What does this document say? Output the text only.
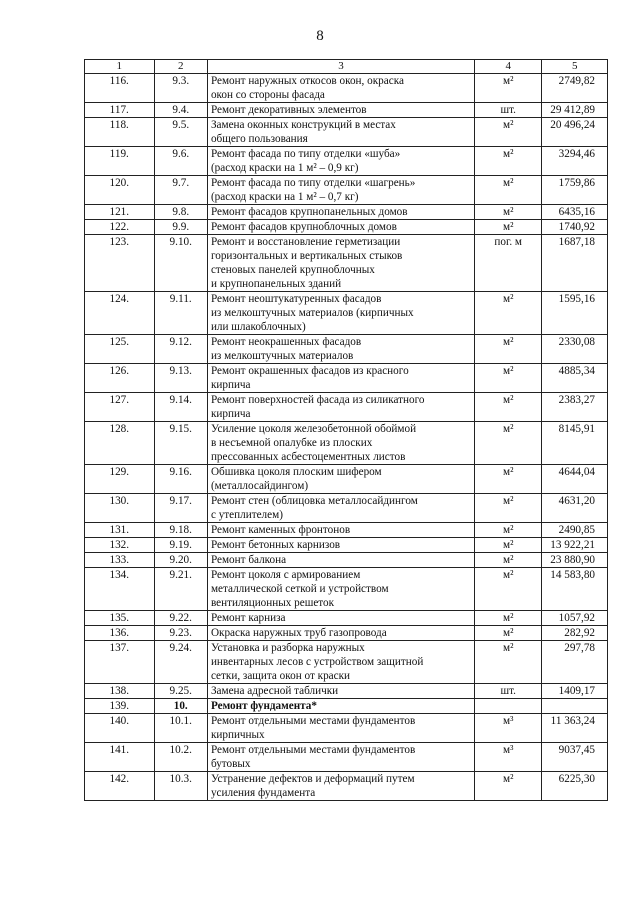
8
1	2	3	4	5
116.	9.3.	Ремонт наружных откосов окон, окраска
окон со стороны фасада	м²	2749,82
117.	9.4.	Ремонт декоративных элементов	шт.	29 412,89
118.	9.5.	Замена оконных конструкций в местах
общего пользования	м²	20 496,24
119.	9.6.	Ремонт фасада по типу отделки «шуба»
(расход краски на 1 м² – 0,9 кг)	м²	3294,46
120.	9.7.	Ремонт фасада по типу отделки «шагрень»
(расход краски на 1 м² – 0,7 кг)	м²	1759,86
121.	9.8.	Ремонт фасадов крупнопанельных домов	м²	6435,16
122.	9.9.	Ремонт фасадов крупноблочных домов	м²	1740,92
123.	9.10.	Ремонт и восстановление герметизации
горизонтальных и вертикальных стыков
стеновых панелей крупноблочных
и крупнопанельных зданий	пог. м	1687,18
124.	9.11.	Ремонт неоштукатуренных фасадов
из мелкоштучных материалов (кирпичных
или шлакоблочных)	м²	1595,16
125.	9.12.	Ремонт неокрашенных фасадов
из мелкоштучных материалов	м²	2330,08
126.	9.13.	Ремонт окрашенных фасадов из красного
кирпича	м²	4885,34
127.	9.14.	Ремонт поверхностей фасада из силикатного
кирпича	м²	2383,27
128.	9.15.	Усиление цоколя железобетонной обоймой
в несъемной опалубке из плоских
прессованных асбестоцементных листов	м²	8145,91
129.	9.16.	Обшивка цоколя плоским шифером
(металлосайдингом)	м²	4644,04
130.	9.17.	Ремонт стен (облицовка металлосайдингом
с утеплителем)	м²	4631,20
131.	9.18.	Ремонт каменных фронтонов	м²	2490,85
132.	9.19.	Ремонт бетонных карнизов	м²	13 922,21
133.	9.20.	Ремонт балкона	м²	23 880,90
134.	9.21.	Ремонт цоколя с армированием
металлической сеткой и устройством
вентиляционных решеток	м²	14 583,80
135.	9.22.	Ремонт карниза	м²	1057,92
136.	9.23.	Окраска наружных труб газопровода	м²	282,92
137.	9.24.	Установка и разборка наружных
инвентарных лесов с устройством защитной
сетки, защита окон от краски	м²	297,78
138.	9.25.	Замена адресной таблички	шт.	1409,17
139.	10.	Ремонт фундамента*		

140.	10.1.	Ремонт отдельными местами фундаментов
кирпичных	м³	11 363,24
141.	10.2.	Ремонт отдельными местами фундаментов
бутовых	м³	9037,45
142.	10.3.	Устранение дефектов и деформаций путем
усиления фундамента	м²	6225,30
